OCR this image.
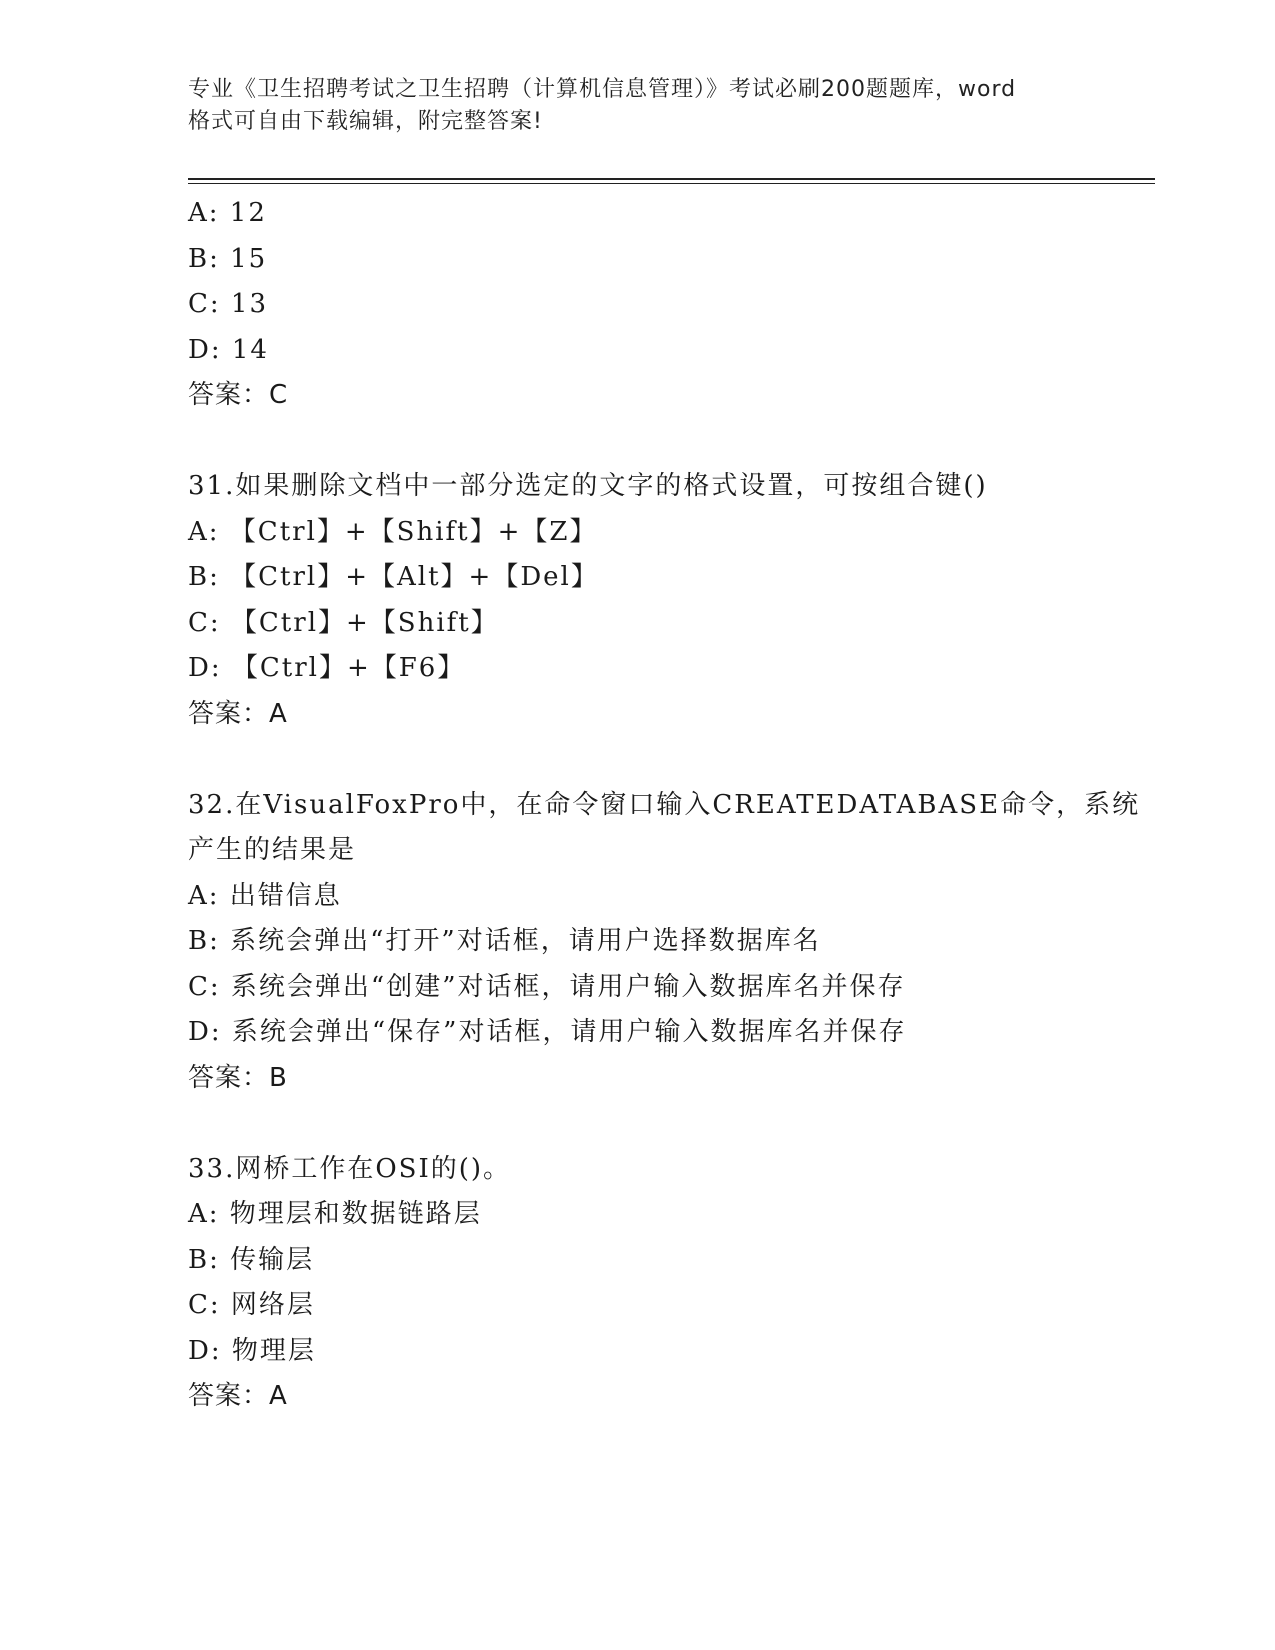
专业《卫生招聘考试之卫生招聘（计算机信息管理）》考试必刷200题题库，word
格式可自由下载编辑，附完整答案!
A: 12
B: 15
C: 13
D: 14
答案：C
31.如果删除文档中一部分选定的文字的格式设置，可按组合键()
A: 【Ctrl】+【Shift】+【Z】
B: 【Ctrl】+【Alt】+【Del】
C: 【Ctrl】+【Shift】
D: 【Ctrl】+【F6】
答案：A
32.在VisualFoxPro中，在命令窗口输入CREATEDATABASE命令，系统
产生的结果是
A: 出错信息
B: 系统会弹出“打开”对话框，请用户选择数据库名
C: 系统会弹出“创建”对话框，请用户输入数据库名并保存
D: 系统会弹出“保存”对话框，请用户输入数据库名并保存
答案：B
33.网桥工作在OSI的()。
A: 物理层和数据链路层
B: 传输层
C: 网络层
D: 物理层
答案：A
